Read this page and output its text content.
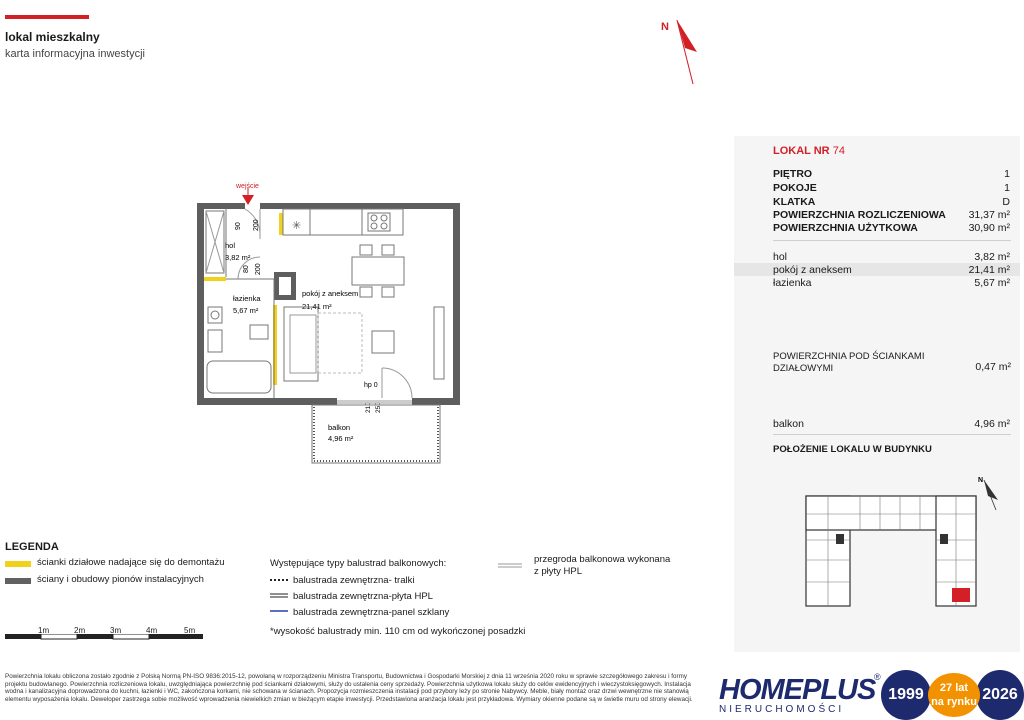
lokal mieszkalny
karta informacyjna inwestycji
N
wejście
90 200
hol
3,82 m²
80 200
✳
łazienka
5,67 m²
pokój z aneksem
21,41 m²
hp 0
210 250
balkon
4,96 m²
LOKAL NR 74
PIĘTRO	1
POKOJE	1
KLATKA	D
POWIERZCHNIA ROZLICZENIOWA 31,37 m²
POWIERZCHNIA UŻYTKOWA	30,90 m²
hol	3,82 m²
pokój z aneksem	21,41 m²
łazienka	5,67 m²
POWIERZCHNIA POD ŚCIANKAMI DZIAŁOWYMI	0,47 m²
balkon	4,96 m²
POŁOŻENIE LOKALU W BUDYNKU
N
LEGENDA
ścianki działowe nadające się do demontażu
ściany i obudowy pionów instalacyjnych
Występujące typy balustrad balkonowych:
balustrada zewnętrzna- tralki
balustrada zewnętrzna-płyta HPL
balustrada zewnętrzna-panel szklany
*wysokość balustrady min. 110 cm od wykończonej posadzki
przegroda balkonowa wykonana z płyty HPL
1m	2m	3m	4m	5m
Powierzchnia lokalu obliczona zostało zgodnie z Polską Normą PN-ISO 9836:2015-12, powołaną w rozporządzeniu Ministra Transportu, Budownictwa i Gospodarki Morskiej z dnia 11 września 2020 roku w sprawie szczegółowego zakresu i formy projektu budowlanego. Powierzchnia rozliczeniowa lokalu, uwzględniająca powierzchnię pod ściankami działowymi, służy do ustalenia ceny sprzedaży. Powierzchnia użytkowa lokalu służy do celów ewidencyjnych i wieczystoksięgowych. Instalacja wodna i kanalizacyjna doprowadzona do kuchni, łazienki i WC, zakończona korkami, nie schowana w ścianach. Propozycja rozmieszczenia instalacji pod przybory leży po stronie Nabywcy. Meble, biały montaż oraz drzwi wewnętrzne nie stanowią elementu wyposażenia lokalu. Deweloper zastrzega sobie możliwość wprowadzenia niewielkich zmian w bieżącym etapie inwestycji. Przedstawiona aranżacja lokalu jest przykładowa. Wymiary okienne podane są w świetle muru od strony elewacji. HOMEPLUS
®
NIERUCHOMOŚCI
1999	2026
27 lat
na rynku
